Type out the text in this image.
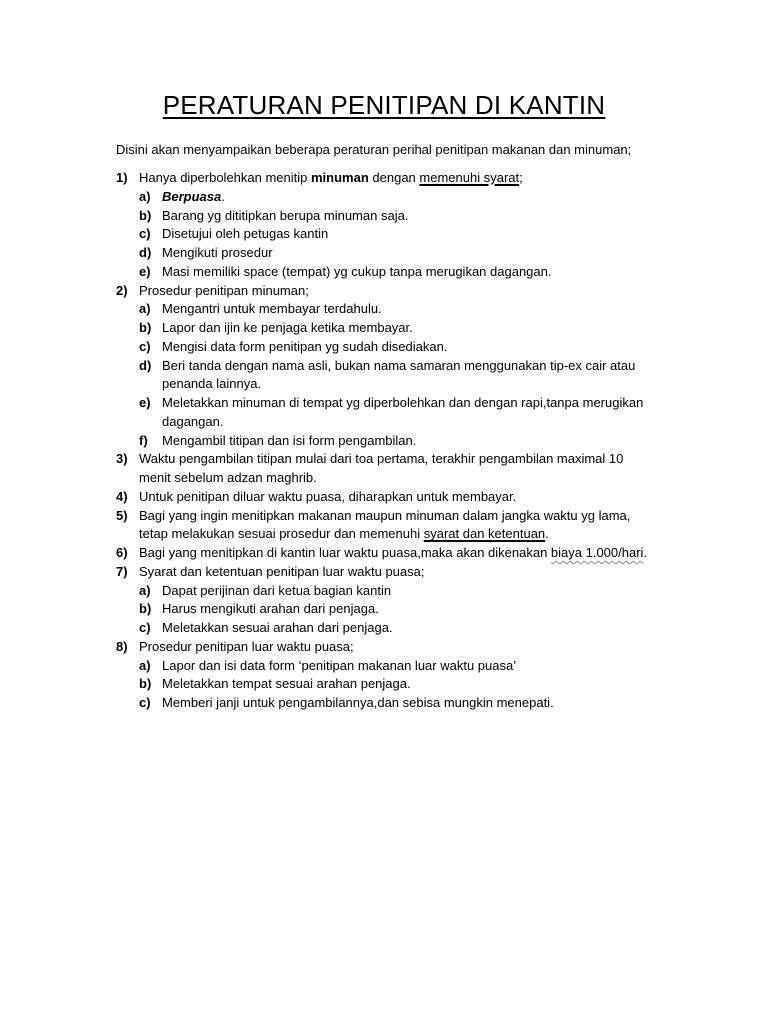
PERATURAN PENITIPAN DI KANTIN
Disini akan menyampaikan beberapa peraturan perihal penitipan makanan dan minuman;
1) Hanya diperbolehkan menitip minuman dengan memenuhi syarat;
a) Berpuasa.
b) Barang yg dititipkan berupa minuman saja.
c) Disetujui oleh petugas kantin
d) Mengikuti prosedur
e) Masi memiliki space (tempat) yg cukup tanpa merugikan dagangan.
2) Prosedur penitipan minuman;
a) Mengantri untuk membayar terdahulu.
b) Lapor dan ijin ke penjaga ketika membayar.
c) Mengisi data form penitipan yg sudah disediakan.
d) Beri tanda dengan nama asli, bukan nama samaran menggunakan tip-ex cair atau penanda lainnya.
e) Meletakkan minuman di tempat yg diperbolehkan dan dengan rapi,tanpa merugikan dagangan.
f) Mengambil titipan dan isi form pengambilan.
3) Waktu pengambilan titipan mulai dari toa pertama, terakhir pengambilan maximal 10 menit sebelum adzan maghrib.
4) Untuk penitipan diluar waktu puasa, diharapkan untuk membayar.
5) Bagi yang ingin menitipkan makanan maupun minuman dalam jangka waktu yg lama, tetap melakukan sesuai prosedur dan memenuhi syarat dan ketentuan.
6) Bagi yang menitipkan di kantin luar waktu puasa,maka akan dikenakan biaya 1.000/hari.
7) Syarat dan ketentuan penitipan luar waktu puasa;
a) Dapat perijinan dari ketua bagian kantin
b) Harus mengikuti arahan dari penjaga.
c) Meletakkan sesuai arahan dari penjaga.
8) Prosedur penitipan luar waktu puasa;
a) Lapor dan isi data form ‘penitipan makanan luar waktu puasa’
b) Meletakkan tempat sesuai arahan penjaga.
c) Memberi janji untuk pengambilannya,dan sebisa mungkin menepati.
